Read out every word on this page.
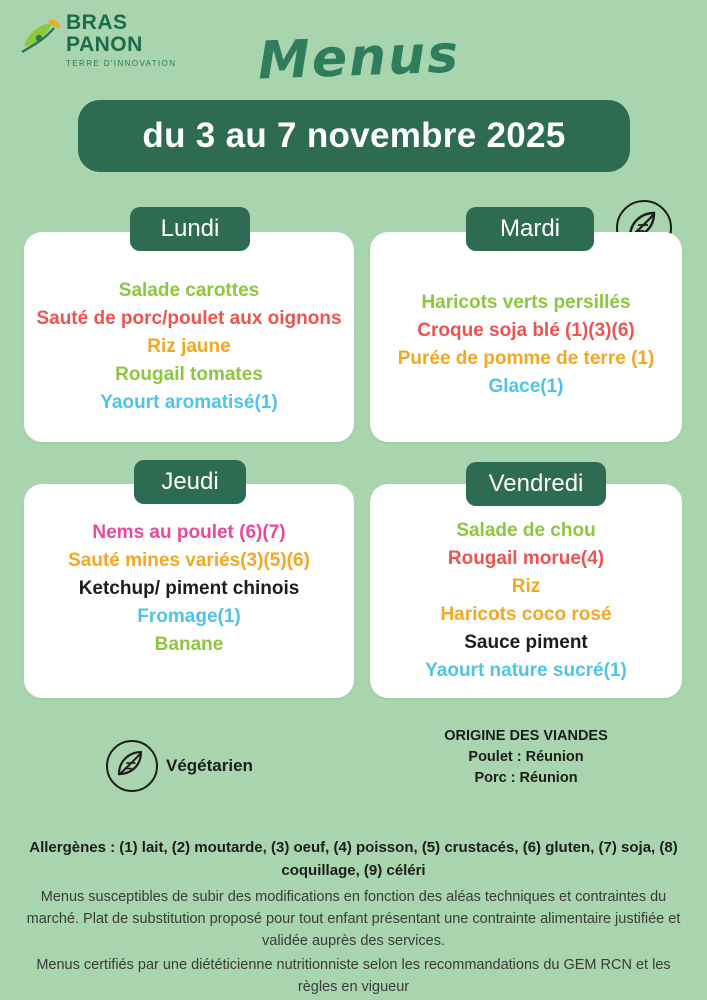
BRAS
PANON
TERRE D'INNOVATION Menus
du 3 au 7 novembre 2025

Salade carottes

Sauté de porc/poulet aux oignons

Riz jaune

Rougail tomates

Yaourt aromatisé(1)

Lundi

Haricots verts persillés

Croque soja blé (1)(3)(6)

Purée de pomme de terre (1)

Glace(1)

Mardi

Nems au poulet (6)(7)

Sauté mines variés(3)(5)(6)

Ketchup/ piment chinois

Fromage(1)

Banane

Jeudi

Salade de chou

Rougail morue(4)

Riz

Haricots coco rosé

Sauce piment

Yaourt nature sucré(1)

Vendredi
ORIGINE DES VIANDES
Poulet : Réunion
Porc : Réunion
Végétarien
Allergènes : (1) lait, (2) moutarde, (3) oeuf, (4) poisson, (5) crustacés, (6) gluten, (7) soja, (8) coquillage, (9) céléri

Menus susceptibles de subir des modifications en fonction des aléas techniques et contraintes du marché. Plat de substitution proposé pour tout enfant présentant une contrainte alimentaire justifiée et validée auprès des services.

Menus certifiés par une diététicienne nutritionniste selon les recommandations du GEM RCN et les règles en vigueur
